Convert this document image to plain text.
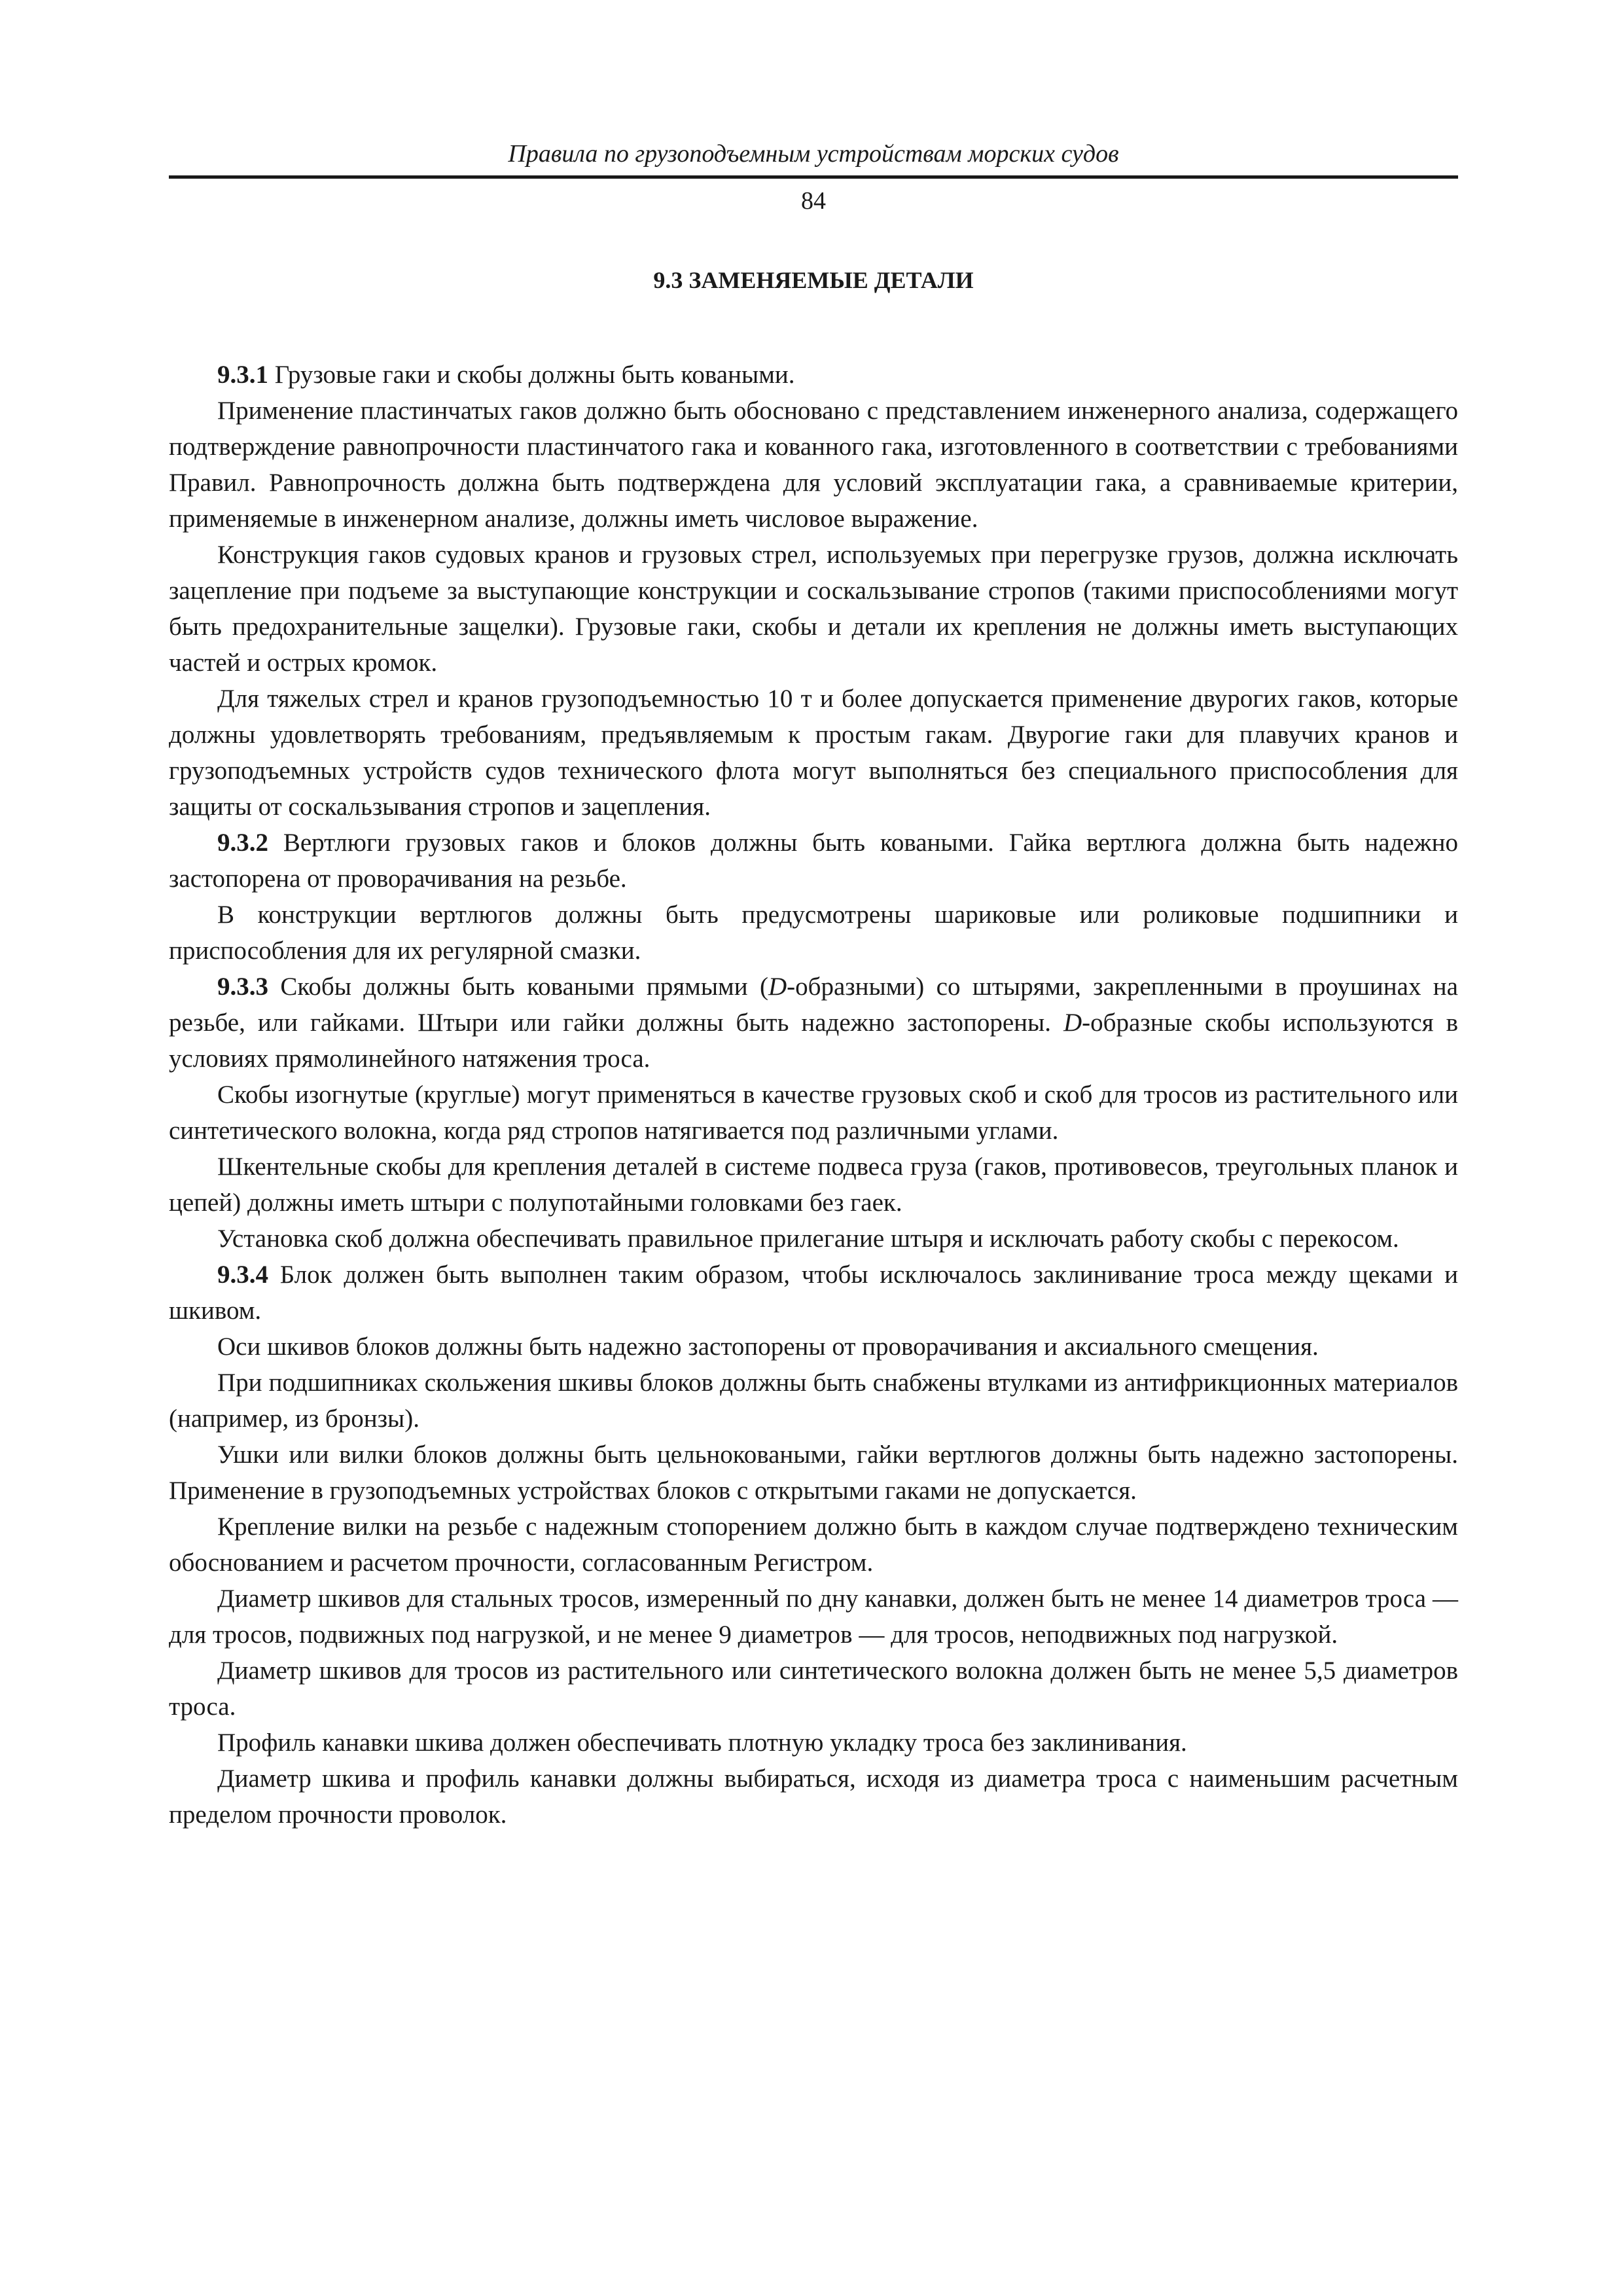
Правила по грузоподъемным устройствам морских судов
84
9.3 ЗАМЕНЯЕМЫЕ ДЕТАЛИ

9.3.1 Грузовые гаки и скобы должны быть коваными.

Применение пластинчатых гаков должно быть обосновано с представлением инженерного анализа, содержащего подтверждение равнопрочности пластинчатого гака и кованного гака, изготовленного в соответствии с требованиями Правил. Равнопрочность должна быть подтверждена для условий эксплуатации гака, а сравниваемые критерии, применяемые в инженерном анализе, должны иметь числовое выражение.

Конструкция гаков судовых кранов и грузовых стрел, используемых при перегрузке грузов, должна исключать зацепление при подъеме за выступающие конструкции и соскальзывание стропов (такими приспособлениями могут быть предохранительные защелки). Грузовые гаки, скобы и детали их крепления не должны иметь выступающих частей и острых кромок.

Для тяжелых стрел и кранов грузоподъемностью 10 т и более допускается применение двурогих гаков, которые должны удовлетворять требованиям, предъявляемым к простым гакам. Двурогие гаки для плавучих кранов и грузоподъемных устройств судов технического флота могут выполняться без специального приспособления для защиты от соскальзывания стропов и зацепления.

9.3.2 Вертлюги грузовых гаков и блоков должны быть коваными. Гайка вертлюга должна быть надежно застопорена от проворачивания на резьбе.

В конструкции вертлюгов должны быть предусмотрены шариковые или роликовые подшипники и приспособления для их регулярной смазки.

9.3.3 Скобы должны быть коваными прямыми (D-образными) со штырями, закрепленными в проушинах на резьбе, или гайками. Штыри или гайки должны быть надежно застопорены. D-образные скобы используются в условиях прямолинейного натяжения троса.

Скобы изогнутые (круглые) могут применяться в качестве грузовых скоб и скоб для тросов из растительного или синтетического волокна, когда ряд стропов натягивается под различными углами.

Шкентельные скобы для крепления деталей в системе подвеса груза (гаков, противовесов, треугольных планок и цепей) должны иметь штыри с полупотайными головками без гаек.

Установка скоб должна обеспечивать правильное прилегание штыря и исключать работу скобы с перекосом.

9.3.4 Блок должен быть выполнен таким образом, чтобы исключалось заклинивание троса между щеками и шкивом.

Оси шкивов блоков должны быть надежно застопорены от проворачивания и аксиального смещения.

При подшипниках скольжения шкивы блоков должны быть снабжены втулками из антифрикционных материалов (например, из бронзы).

Ушки или вилки блоков должны быть цельноковаными, гайки вертлюгов должны быть надежно застопорены. Применение в грузоподъемных устройствах блоков с открытыми гаками не допускается.

Крепление вилки на резьбе с надежным стопорением должно быть в каждом случае подтверждено техническим обоснованием и расчетом прочности, согласованным Регистром.

Диаметр шкивов для стальных тросов, измеренный по дну канавки, должен быть не менее 14 диаметров троса — для тросов, подвижных под нагрузкой, и не менее 9 диаметров — для тросов, неподвижных под нагрузкой.

Диаметр шкивов для тросов из растительного или синтетического волокна должен быть не менее 5,5 диаметров троса.

Профиль канавки шкива должен обеспечивать плотную укладку троса без заклинивания.

Диаметр шкива и профиль канавки должны выбираться, исходя из диаметра троса с наименьшим расчетным пределом прочности проволок.
